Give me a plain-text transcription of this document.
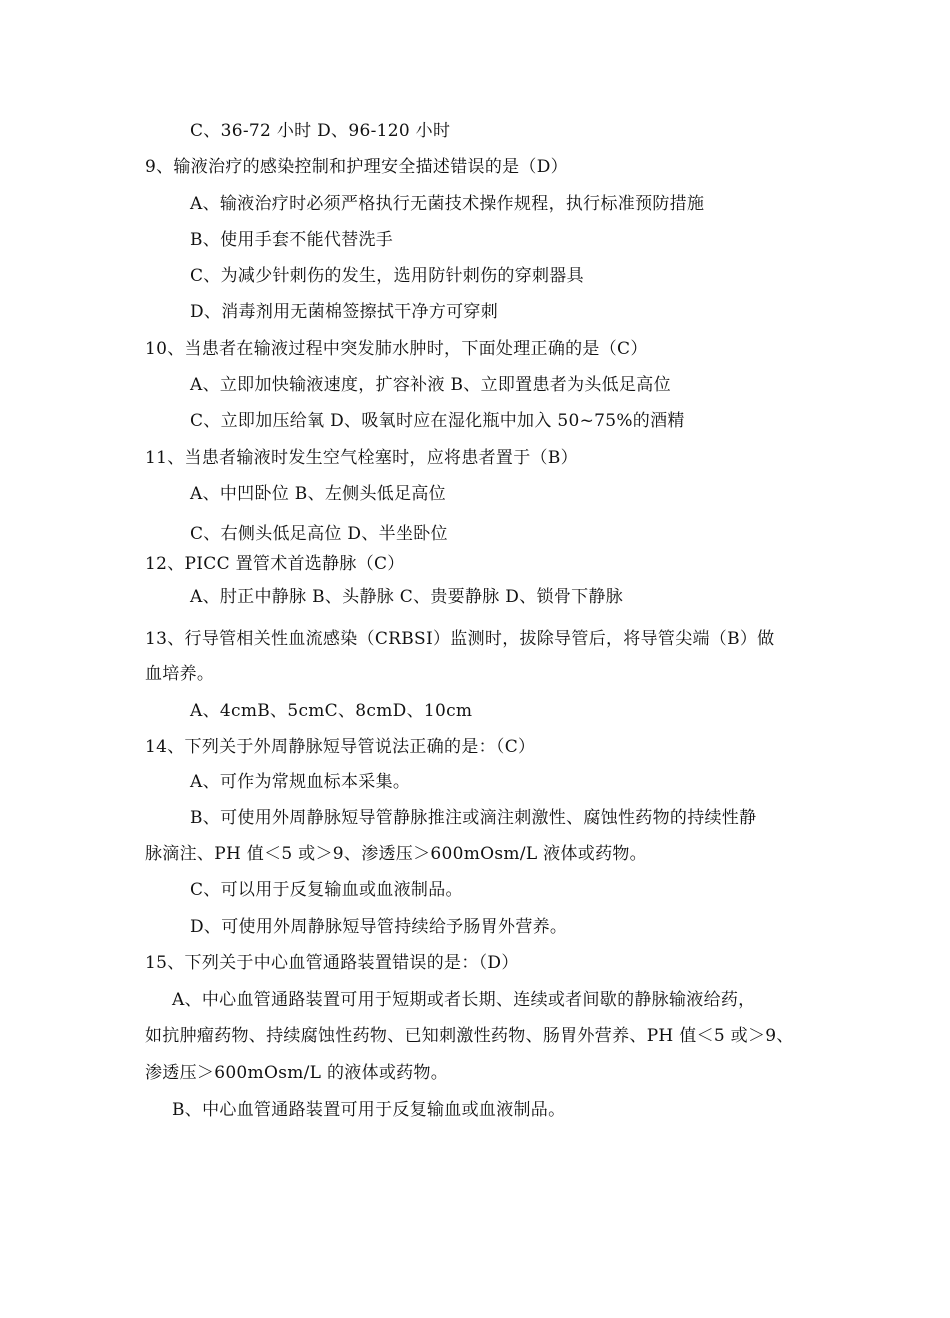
C、36-72 小时 D、96-120 小时
9、输液治疗的感染控制和护理安全描述错误的是（D）
A、输液治疗时必须严格执行无菌技术操作规程，执行标准预防措施
B、使用手套不能代替洗手
C、为减少针刺伤的发生，选用防针刺伤的穿刺器具
D、消毒剂用无菌棉签擦拭干净方可穿刺
10、当患者在输液过程中突发肺水肿时，下面处理正确的是（C）
A、立即加快输液速度，扩容补液 B、立即置患者为头低足高位
C、立即加压给氧 D、吸氧时应在湿化瓶中加入 50~75%的酒精
11、当患者输液时发生空气栓塞时，应将患者置于（B）
A、中凹卧位 B、左侧头低足高位
C、右侧头低足高位 D、半坐卧位
12、PICC 置管术首选静脉（C）
A、肘正中静脉 B、头静脉 C、贵要静脉 D、锁骨下静脉
13、行导管相关性血流感染（CRBSI）监测时，拔除导管后，将导管尖端（B）做
血培养。
A、4cmB、5cmC、8cmD、10cm
14、下列关于外周静脉短导管说法正确的是：（C）
A、可作为常规血标本采集。
B、可使用外周静脉短导管静脉推注或滴注刺激性、腐蚀性药物的持续性静
脉滴注、PH 值＜5 或＞9、渗透压＞600mOsm/L 液体或药物。
C、可以用于反复输血或血液制品。
D、可使用外周静脉短导管持续给予肠胃外营养。
15、下列关于中心血管通路装置错误的是：（D）
A、中心血管通路装置可用于短期或者长期、连续或者间歇的静脉输液给药，
如抗肿瘤药物、持续腐蚀性药物、已知刺激性药物、肠胃外营养、PH 值＜5 或＞9、
渗透压＞600mOsm/L 的液体或药物。
B、中心血管通路装置可用于反复输血或血液制品。
